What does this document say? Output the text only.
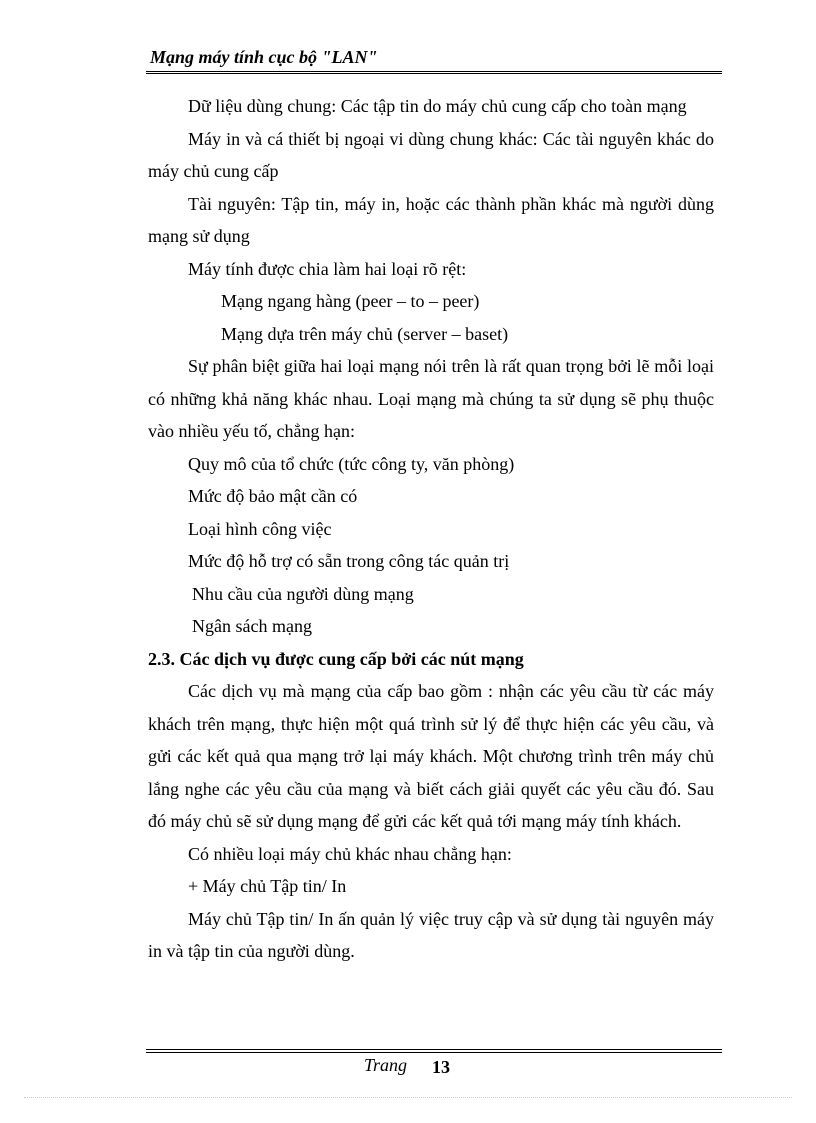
Mạng máy tính cục bộ "LAN"

Dữ liệu dùng chung: Các tập tin do máy chủ cung cấp cho toàn mạng

Máy in và cá thiết bị ngoại vi dùng chung khác: Các tài nguyên khác do máy chủ cung cấp

Tài nguyên: Tập tin, máy in, hoặc các thành phần khác mà người dùng mạng sử dụng

Máy tính được chia làm hai loại rõ rệt:

Mạng ngang hàng (peer – to – peer)

Mạng dựa trên máy chủ (server – baset)

Sự phân biệt giữa hai loại mạng nói trên là rất quan trọng bởi lẽ mỗi loại có những khả năng khác nhau. Loại mạng mà chúng ta sử dụng sẽ phụ thuộc vào nhiều yếu tố, chẳng hạn:

Quy mô của tổ chức (tức công ty, văn phòng)

Mức độ bảo mật cần có

Loại hình công việc

Mức độ hỗ trợ có sẵn trong công tác quản trị

Nhu cầu của người dùng mạng

Ngân sách mạng

2.3. Các dịch vụ được cung cấp bởi các nút mạng

Các dịch vụ mà mạng của cấp bao gồm : nhận các yêu cầu từ các máy khách trên mạng, thực hiện một quá trình sử lý để thực hiện các yêu cầu, và gửi các kết quả qua mạng trở lại máy khách. Một chương trình trên máy chủ lắng nghe các yêu cầu của mạng và biết cách giải quyết các yêu cầu đó. Sau đó máy chủ sẽ sử dụng mạng để gửi các kết quả tới mạng máy tính khách.

Có nhiều loại máy chủ khác nhau chẳng hạn:

+ Máy chủ Tập tin/ In

Máy chủ Tập tin/ In ấn quản lý việc truy cập và sử dụng tài nguyên máy in và tập tin của người dùng.

Trang 13
